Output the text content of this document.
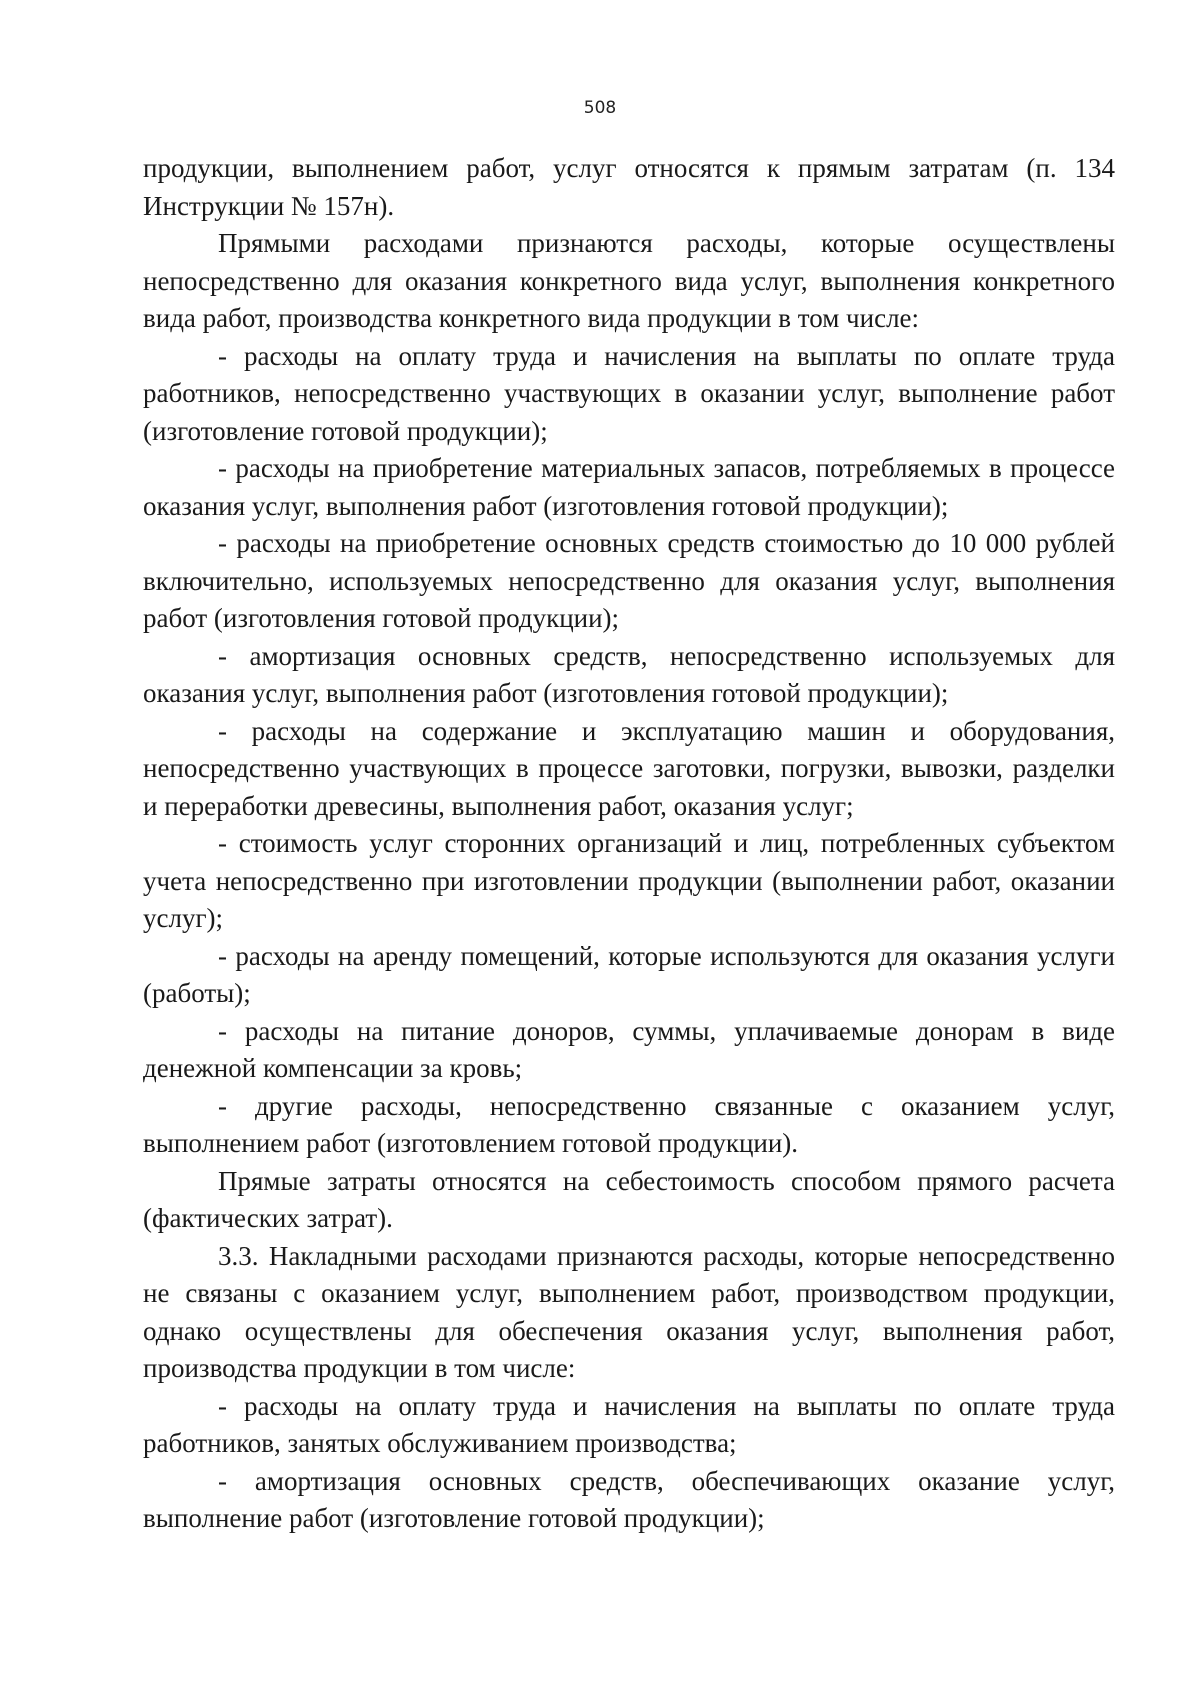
508

продукции, выполнением работ, услуг относятся к прямым затратам (п. 134 Инструкции № 157н).

Прямыми расходами признаются расходы, которые осуществлены непосредственно для оказания конкретного вида услуг, выполнения конкретного вида работ, производства конкретного вида продукции в том числе:

- расходы на оплату труда и начисления на выплаты по оплате труда работников, непосредственно участвующих в оказании услуг, выполнение работ (изготовление готовой продукции);

- расходы на приобретение материальных запасов, потребляемых в процессе оказания услуг, выполнения работ (изготовления готовой продукции);

- расходы на приобретение основных средств стоимостью до 10 000 рублей включительно, используемых непосредственно для оказания услуг, выполнения работ (изготовления готовой продукции);

- амортизация основных средств, непосредственно используемых для оказания услуг, выполнения работ (изготовления готовой продукции);

- расходы на содержание и эксплуатацию машин и оборудования, непосредственно участвующих в процессе заготовки, погрузки, вывозки, разделки и переработки древесины, выполнения работ, оказания услуг;

- стоимость услуг сторонних организаций и лиц, потребленных субъектом учета непосредственно при изготовлении продукции (выполнении работ, оказании услуг);

- расходы на аренду помещений, которые используются для оказания услуги (работы);

- расходы на питание доноров, суммы, уплачиваемые донорам в виде денежной компенсации за кровь;

- другие расходы, непосредственно связанные с оказанием услуг, выполнением работ (изготовлением готовой продукции).

Прямые затраты относятся на себестоимость способом прямого расчета (фактических затрат).

3.3. Накладными расходами признаются расходы, которые непосредственно не связаны с оказанием услуг, выполнением работ, производством продукции, однако осуществлены для обеспечения оказания услуг, выполнения работ, производства продукции в том числе:

- расходы на оплату труда и начисления на выплаты по оплате труда работников, занятых обслуживанием производства;

- амортизация основных средств, обеспечивающих оказание услуг, выполнение работ (изготовление готовой продукции);
